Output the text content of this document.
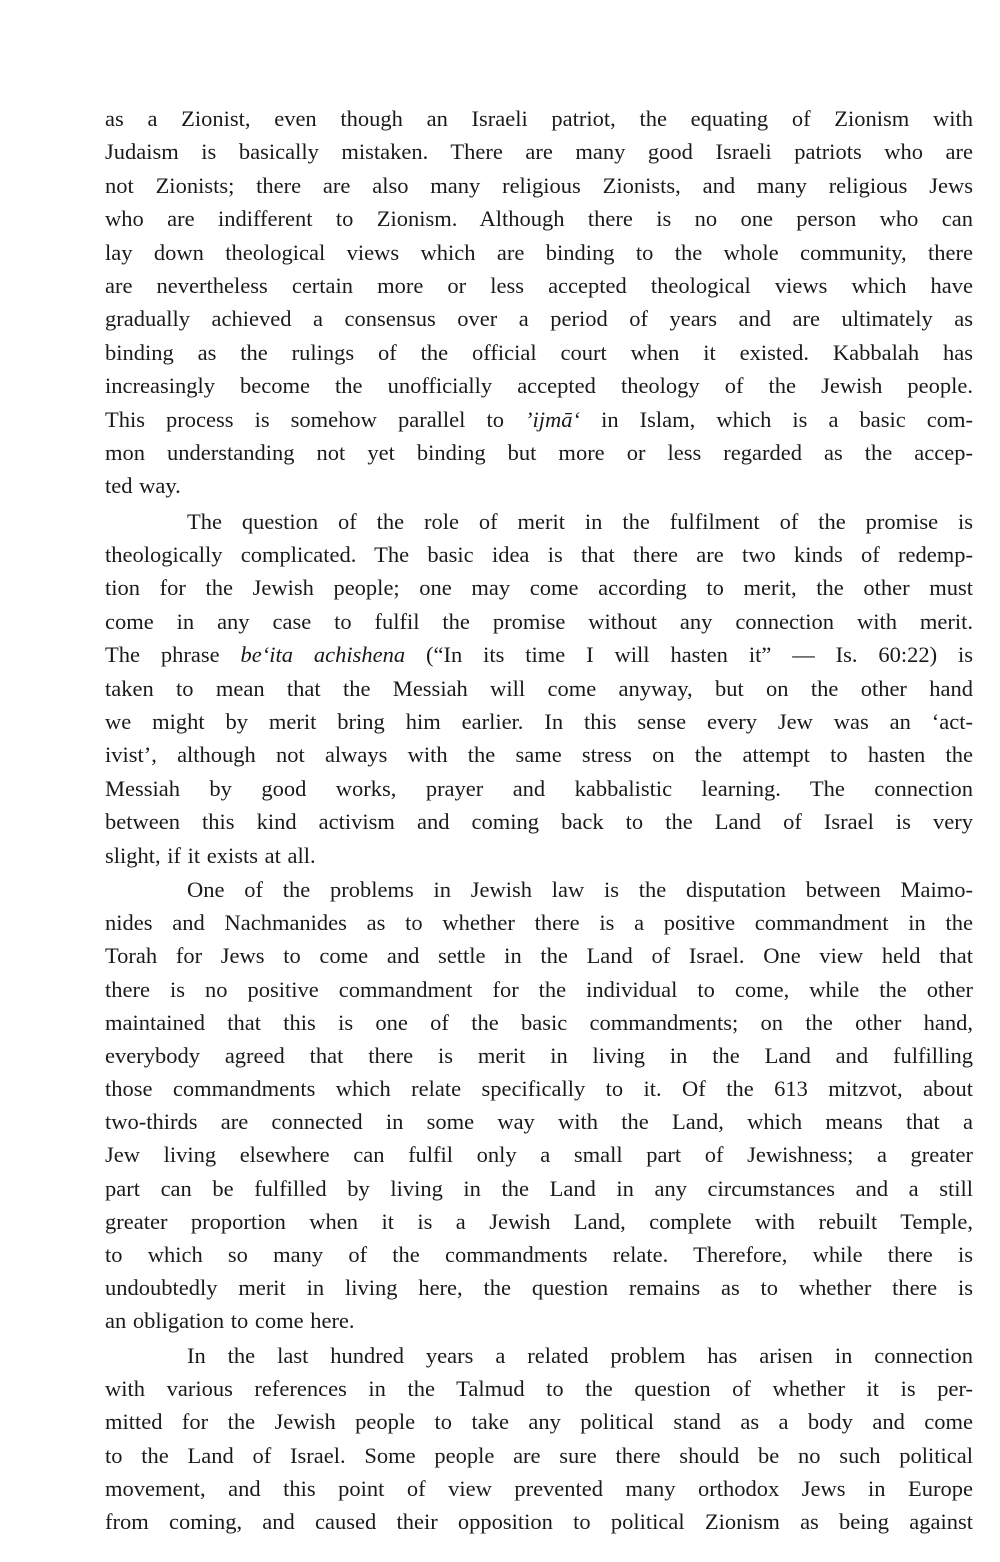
as a Zionist, even though an Israeli patriot, the equating of Zionism with
Judaism is basically mistaken. There are many good Israeli patriots who are
not Zionists; there are also many religious Zionists, and many religious Jews
who are indifferent to Zionism. Although there is no one person who can
lay down theological views which are binding to the whole community, there
are nevertheless certain more or less accepted theological views which have
gradually achieved a consensus over a period of years and are ultimately as
binding as the rulings of the official court when it existed. Kabbalah has
increasingly become the unofficially accepted theology of the Jewish people.
This process is somehow parallel to ’ijmā‘ in Islam, which is a basic com-
mon understanding not yet binding but more or less regarded as the accep-
ted way.
The question of the role of merit in the fulfilment of the promise is
theologically complicated. The basic idea is that there are two kinds of redemp-
tion for the Jewish people; one may come according to merit, the other must
come in any case to fulfil the promise without any connection with merit.
The phrase be‘ita achishena (“In its time I will hasten it” — Is. 60:22) is
taken to mean that the Messiah will come anyway, but on the other hand
we might by merit bring him earlier. In this sense every Jew was an ‘act-
ivist’, although not always with the same stress on the attempt to hasten the
Messiah by good works, prayer and kabbalistic learning. The connection
between this kind activism and coming back to the Land of Israel is very
slight, if it exists at all.
One of the problems in Jewish law is the disputation between Maimo-
nides and Nachmanides as to whether there is a positive commandment in the
Torah for Jews to come and settle in the Land of Israel. One view held that
there is no positive commandment for the individual to come, while the other
maintained that this is one of the basic commandments; on the other hand,
everybody agreed that there is merit in living in the Land and fulfilling
those commandments which relate specifically to it. Of the 613 mitzvot, about
two-thirds are connected in some way with the Land, which means that a
Jew living elsewhere can fulfil only a small part of Jewishness; a greater
part can be fulfilled by living in the Land in any circumstances and a still
greater proportion when it is a Jewish Land, complete with rebuilt Temple,
to which so many of the commandments relate. Therefore, while there is
undoubtedly merit in living here, the question remains as to whether there is
an obligation to come here.
In the last hundred years a related problem has arisen in connection
with various references in the Talmud to the question of whether it is per-
mitted for the Jewish people to take any political stand as a body and come
to the Land of Israel. Some people are sure there should be no such political
movement, and this point of view prevented many orthodox Jews in Europe
from coming, and caused their opposition to political Zionism as being against
